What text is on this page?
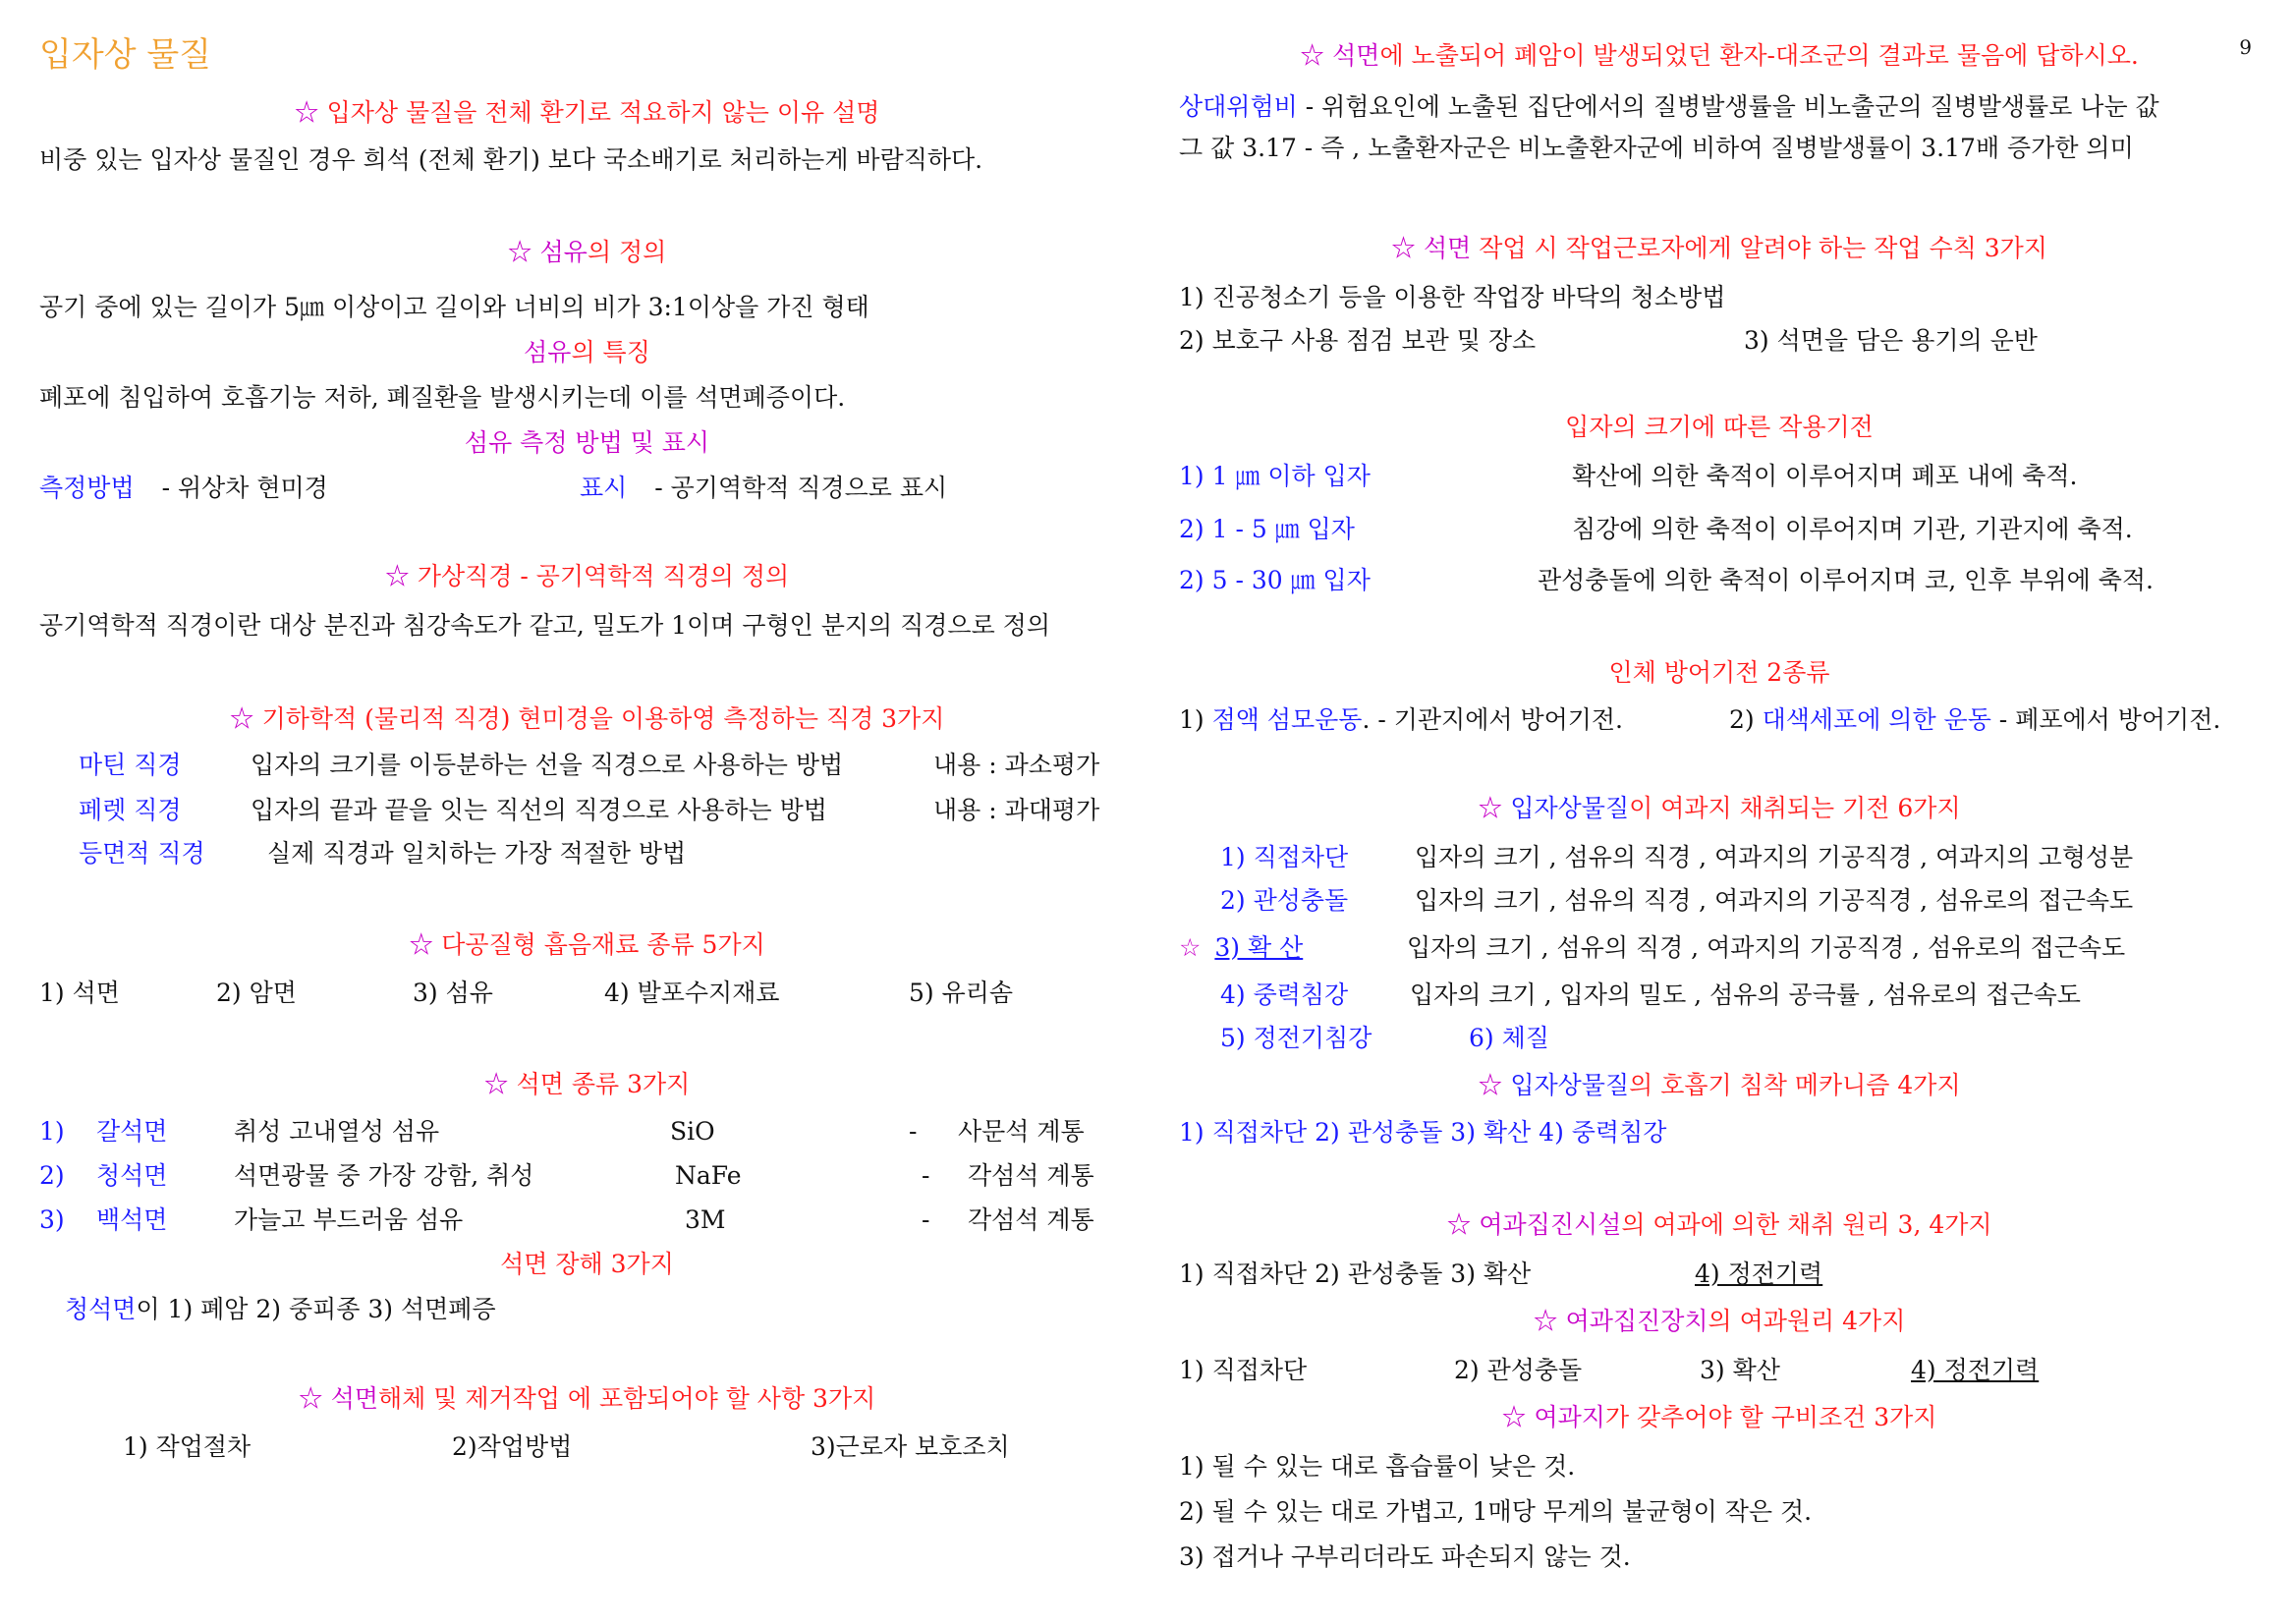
입자상 물질
☆ 입자상 물질을 전체 환기로 적요하지 않는 이유 설명
비중 있는 입자상 물질인 경우 희석 (전체 환기) 보다 국소배기로 처리하는게 바람직하다.
☆ 섬유의 정의
공기 중에 있는 길이가 5㎛ 이상이고 길이와 너비의 비가 3:1이상을 가진 형태
섬유의 특징
폐포에 침입하여 호흡기능 저하, 폐질환을 발생시키는데 이를 석면폐증이다.
섬유 측정 방법 및 표시
측정방법 - 위상차 현미경	표시 - 공기역학적 직경으로 표시
☆ 가상직경 - 공기역학적 직경의 정의
공기역학적 직경이란 대상 분진과 침강속도가 같고, 밀도가 1이며 구형인 분지의 직경으로 정의
☆ 기하학적 (물리적 직경) 현미경을 이용하영 측정하는 직경 3가지
마틴 직경	입자의 크기를 이등분하는 선을 직경으로 사용하는 방법	내용 : 과소평가
페렛 직경	입자의 끝과 끝을 잇는 직선의 직경으로 사용하는 방법	내용 : 과대평가
등면적 직경	실제 직경과 일치하는 가장 적절한 방법
☆ 다공질형 흡음재료 종류 5가지
1) 석면	2) 암면	3) 섬유	4) 발포수지재료	5) 유리솜
☆ 석면 종류 3가지
1) 갈석면	취성 고내열성 섬유	SiO	- 사문석 계통
2) 청석면	석면광물 중 가장 강함, 취성	NaFe	- 각섬석 계통
3) 백석면	가늘고 부드러움 섬유	3M	- 각섬석 계통
석면 장해 3가지
청석면이 1) 폐암 2) 중피종 3) 석면폐증
☆ 석면해체 및 제거작업 에 포함되어야 할 사항 3가지
1) 작업절차	2)작업방법	3)근로자 보호조치
9
☆ 석면에 노출되어 폐암이 발생되었던 환자-대조군의 결과로 물음에 답하시오.
상대위험비 - 위험요인에 노출된 집단에서의 질병발생률을 비노출군의 질병발생률로 나눈 값
그 값 3.17 - 즉 , 노출환자군은 비노출환자군에 비하여 질병발생률이 3.17배 증가한 의미
☆ 석면 작업 시 작업근로자에게 알려야 하는 작업 수칙 3가지
1) 진공청소기 등을 이용한 작업장 바닥의 청소방법
2) 보호구 사용 점검 보관 및 장소	3) 석면을 담은 용기의 운반
입자의 크기에 따른 작용기전
1) 1 ㎛ 이하 입자	확산에 의한 축적이 이루어지며 폐포 내에 축적.
2) 1 - 5 ㎛ 입자	침강에 의한 축적이 이루어지며 기관, 기관지에 축적.
2) 5 - 30 ㎛ 입자	관성충돌에 의한 축적이 이루어지며 코, 인후 부위에 축적.
인체 방어기전 2종류
1) 점액 섬모운동. - 기관지에서 방어기전.	2) 대색세포에 의한 운동 - 폐포에서 방어기전.
☆ 입자상물질이 여과지 채취되는 기전 6가지
1) 직접차단	입자의 크기 , 섬유의 직경 , 여과지의 기공직경 , 여과지의 고형성분
2) 관성충돌	입자의 크기 , 섬유의 직경 , 여과지의 기공직경 , 섬유로의 접근속도
☆ 3) 확 산	입자의 크기 , 섬유의 직경 , 여과지의 기공직경 , 섬유로의 접근속도
4) 중력침강	입자의 크기 , 입자의 밀도 , 섬유의 공극률 , 섬유로의 접근속도
5) 정전기침강	6) 체질
☆ 입자상물질의 호흡기 침착 메카니즘 4가지
1) 직접차단 2) 관성충돌 3) 확산 4) 중력침강
☆ 여과집진시설의 여과에 의한 채취 원리 3, 4가지
1) 직접차단 2) 관성충돌 3) 확산	4) 정전기력
☆ 여과집진장치의 여과원리 4가지
1) 직접차단	2) 관성충돌	3) 확산	4) 정전기력
☆ 여과지가 갖추어야 할 구비조건 3가지
1) 될 수 있는 대로 흡습률이 낮은 것.
2) 될 수 있는 대로 가볍고, 1매당 무게의 불균형이 작은 것.
3) 접거나 구부리더라도 파손되지 않는 것.
